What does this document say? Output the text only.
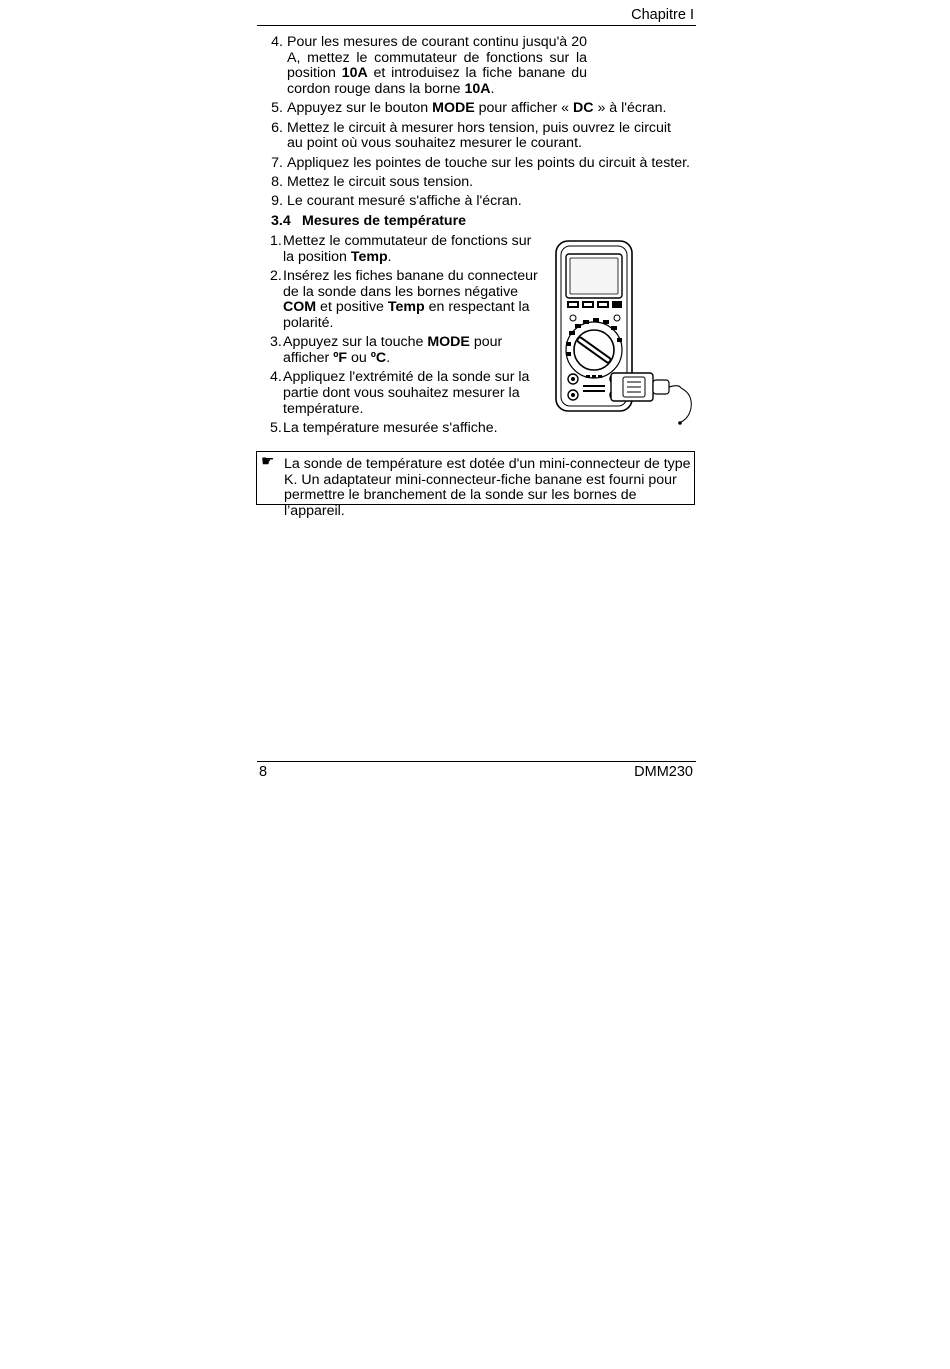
Chapitre I
4. Pour les mesures de courant continu jusqu'à 20 A, mettez le commutateur de fonctions sur la position 10A et introduisez la fiche banane du cordon rouge dans la borne 10A.
5. Appuyez sur le bouton MODE pour afficher « DC » à l'écran.
6. Mettez le circuit à mesurer hors tension, puis ouvrez le circuit au point où vous souhaitez mesurer le courant.
7. Appliquez les pointes de touche sur les points du circuit à tester.
8. Mettez le circuit sous tension.
9. Le courant mesuré s'affiche à l'écran.
3.4 Mesures de température
1. Mettez le commutateur de fonctions sur la position Temp.
2. Insérez les fiches banane du connecteur de la sonde dans les bornes négative COM et positive Temp en respectant la polarité.
3. Appuyez sur la touche MODE pour afficher ºF ou ºC.
4. Appliquez l'extrémité de la sonde sur la partie dont vous souhaitez mesurer la température.
5. La température mesurée s'affiche.
☛ La sonde de température est dotée d'un mini-connecteur de type K. Un adaptateur mini-connecteur-fiche banane est fourni pour permettre le branchement de la sonde sur les bornes de l’appareil.
8	DMM230
